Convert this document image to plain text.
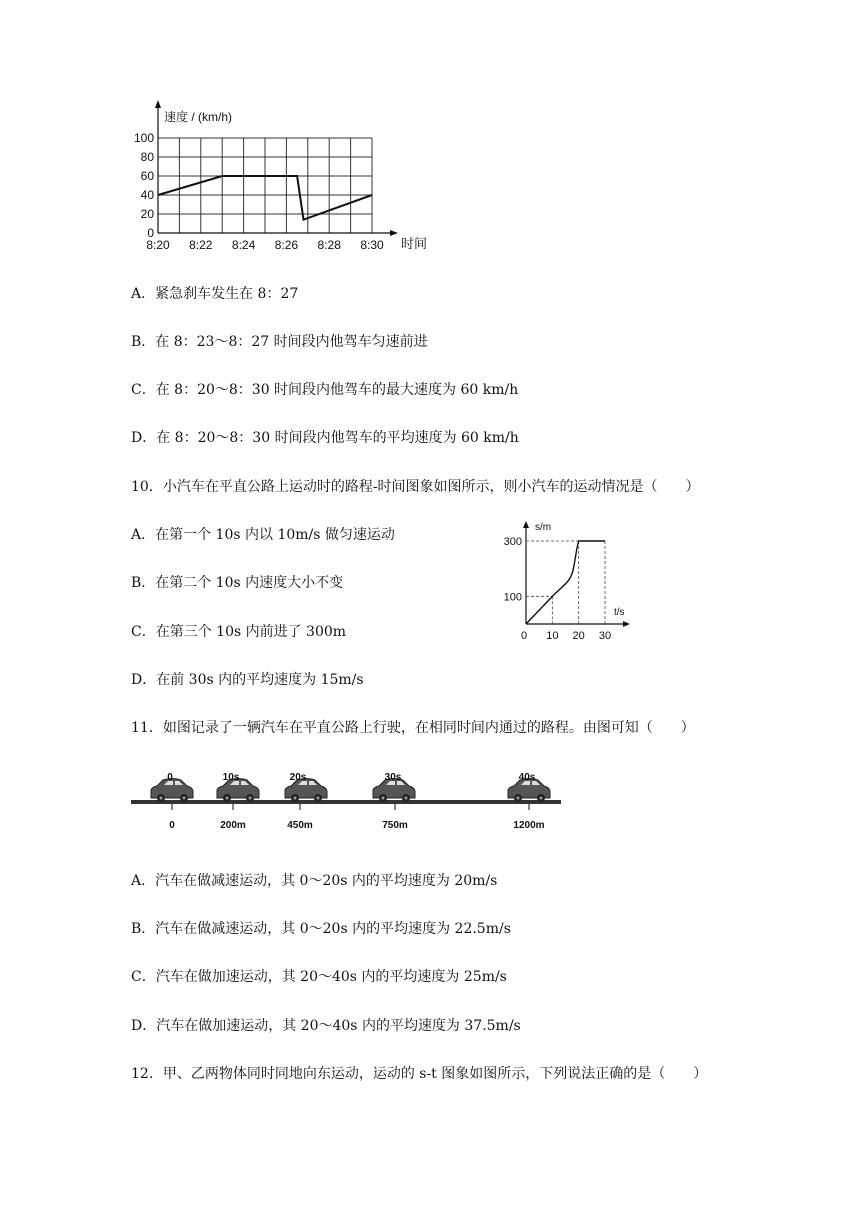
100
80
60
40
20
0
8:20 8:22 8:24 8:26 8:28 8:30
速度 / (km/h)
时间
A．紧急刹车发生在 8：27
B．在 8：23～8：27 时间段内他驾车匀速前进
C．在 8：20～8：30 时间段内他驾车的最大速度为 60 km/h
D．在 8：20～8：30 时间段内他驾车的平均速度为 60 km/h
10．小汽车在平直公路上运动时的路程-时间图象如图所示，则小汽车的运动情况是（　　）
A．在第一个 10s 内以 10m/s 做匀速运动
B．在第二个 10s 内速度大小不变
C．在第三个 10s 内前进了 300m
D．在前 30s 内的平均速度为 15m/s
300
100
0 10 20 30
s/m
t/s
11．如图记录了一辆汽车在平直公路上行驶，在相同时间内通过的路程。由图可知（　　）
0	10s	20s	30s	40s
0	200m	450m	750m	1200m
A．汽车在做减速运动，其 0～20s 内的平均速度为 20m/s
B．汽车在做减速运动，其 0～20s 内的平均速度为 22.5m/s
C．汽车在做加速运动，其 20～40s 内的平均速度为 25m/s
D．汽车在做加速运动，其 20～40s 内的平均速度为 37.5m/s
12．甲、乙两物体同时同地向东运动，运动的 s-t 图象如图所示，下列说法正确的是（　　）
